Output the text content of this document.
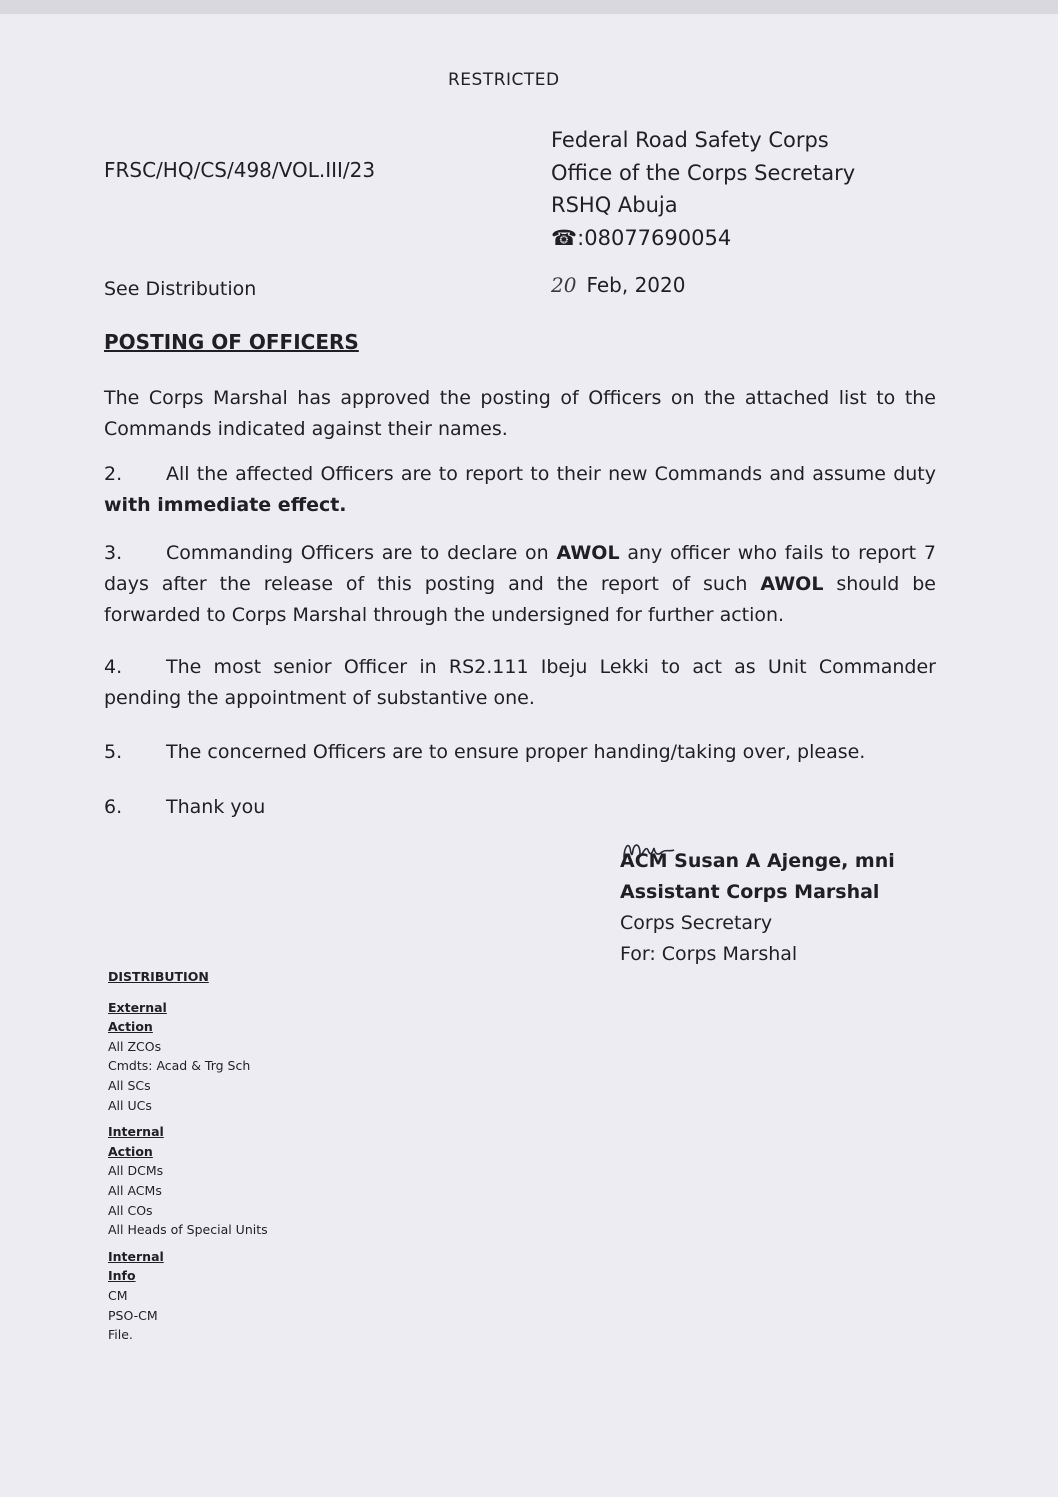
RESTRICTED
FRSC/HQ/CS/498/VOL.III/23
Federal Road Safety Corps
Office of the Corps Secretary
RSHQ Abuja
☎:08077690054
See Distribution	20 Feb, 2020
POSTING OF OFFICERS
The Corps Marshal has approved the posting of Officers on the attached list to the Commands indicated against their names.
2. All the affected Officers are to report to their new Commands and assume duty with immediate effect.
3. Commanding Officers are to declare on AWOL any officer who fails to report 7 days after the release of this posting and the report of such AWOL should be forwarded to Corps Marshal through the undersigned for further action.
4. The most senior Officer in RS2.111 Ibeju Lekki to act as Unit Commander pending the appointment of substantive one.
5. The concerned Officers are to ensure proper handing/taking over, please.
6. Thank you
ACM Susan A Ajenge, mni
Assistant Corps Marshal
Corps Secretary
For: Corps Marshal
DISTRIBUTION
External
Action
All ZCOs
Cmdts: Acad & Trg Sch
All SCs
All UCs
Internal
Action
All DCMs
All ACMs
All COs
All Heads of Special Units
Internal
Info
CM
PSO-CM
File.
